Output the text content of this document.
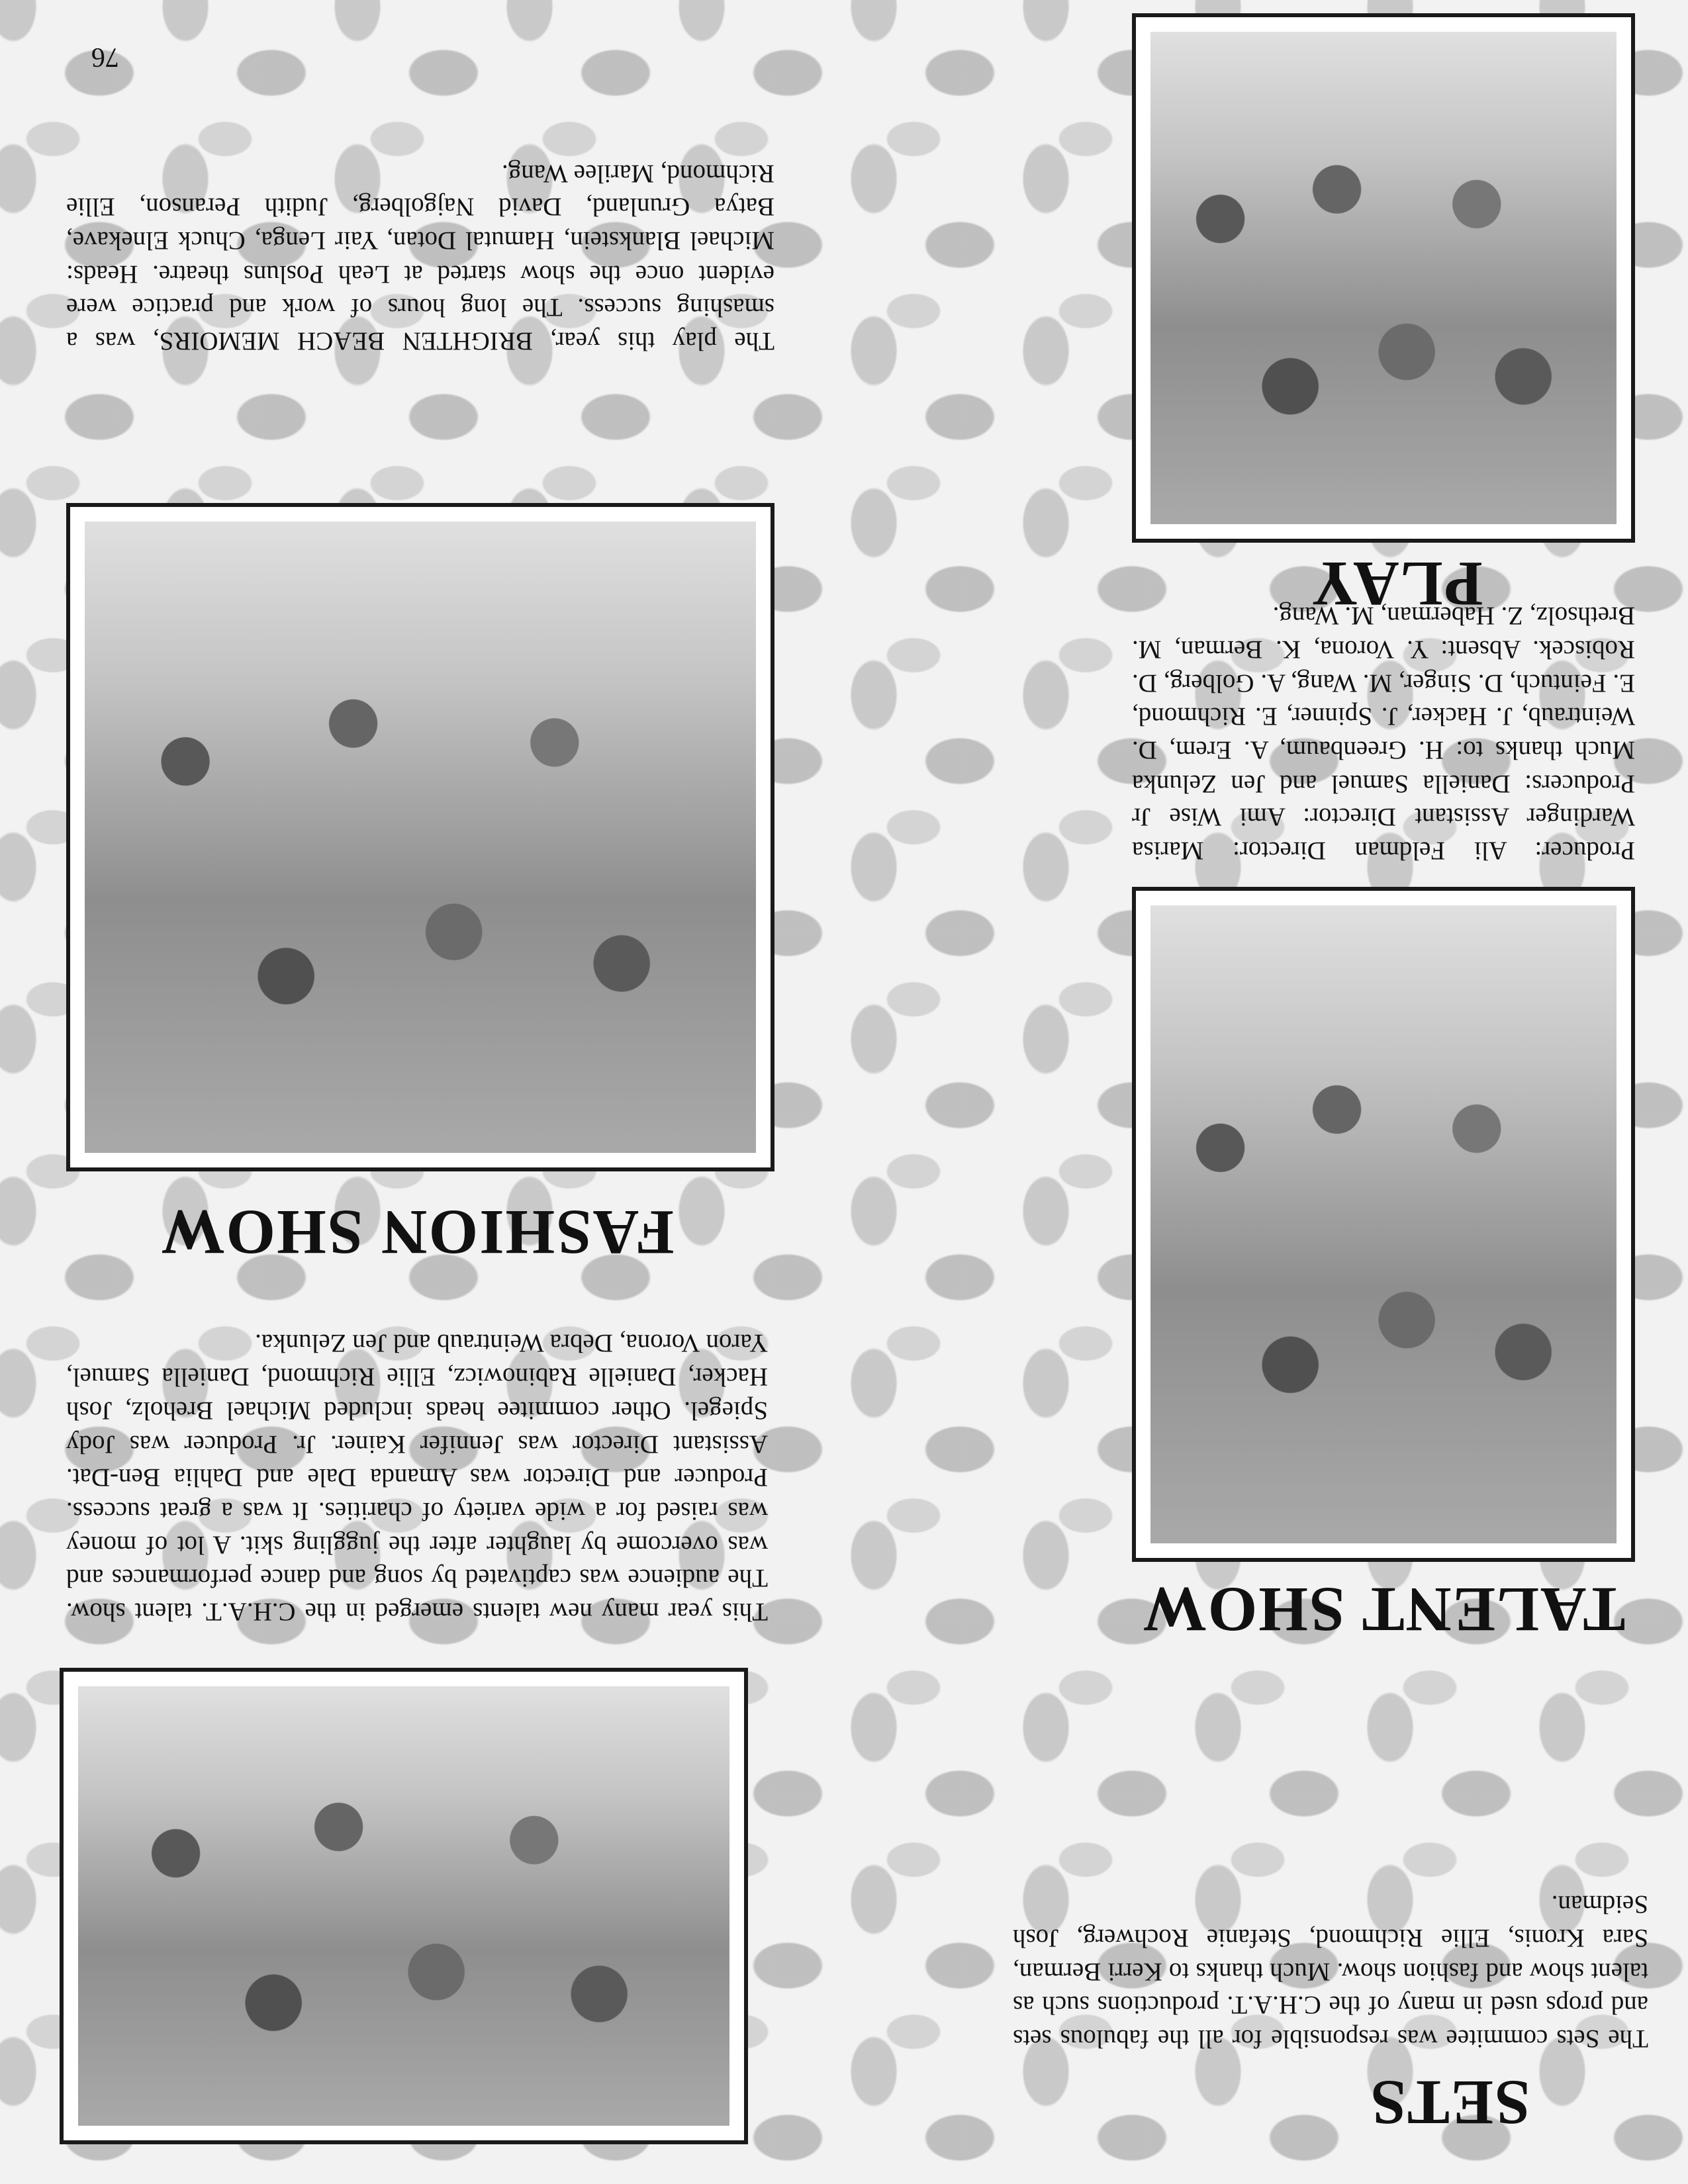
SETS

The Sets commitee was responsible for all the fabulous sets and props used in many of the C.H.A.T. productions such as talent show and fashion show. Much thanks to Kerri Berman, Sara Kronis, Ellie Richmond, Stefanie Rochwerg, Josh Seidman.

TALENT SHOW

This year many new talents emerged in the C.H.A.T. talent show. The audience was captivated by song and dance performances and was overcome by laughter after the juggling skit. A lot of money was raised for a wide variety of charities. It was a great success. Producer and Director was Amanda Dale and Dahlia Ben-Dat. Assistant Director was Jennifer Kainer. Jr. Producer was Jody Spiegel. Other commitee heads included Michael Breholz, Josh Hacker, Danielle Rabinowicz, Ellie Richmond, Daniella Samuel, Yaron Vorona, Debra Weintraub and Jen Zelunka.

FASHION SHOW

Producer: Ali Feldman Director: Marisa Wardinger Assistant Director: Ami Wise Jr Producers: Daniella Samuel and Jen Zelunka Much thanks to: H. Greenbaum, A. Erem, D. Weintraub, J. Hacker, J. Spinner, E. Richmond, E. Feintuch, D. Singer, M. Wang, A. Golberg, D. Robiscek. Absent: Y. Vorona, K. Berman, M. Brethsolz, Z. Haberman, M. Wang.

PLAY

The play this year, BRIGHTEN BEACH MEMOIRS, was a smashing success. The long hours of work and practice were evident once the show started at Leah Posluns theatre. Heads: Michael Blankstein, Hamutal Dotan, Yair Lenga, Chuck Elnekave, Batya Grunland, David Najgolberg, Judith Peranson, Ellie Richmond, Marilee Wang.

76
